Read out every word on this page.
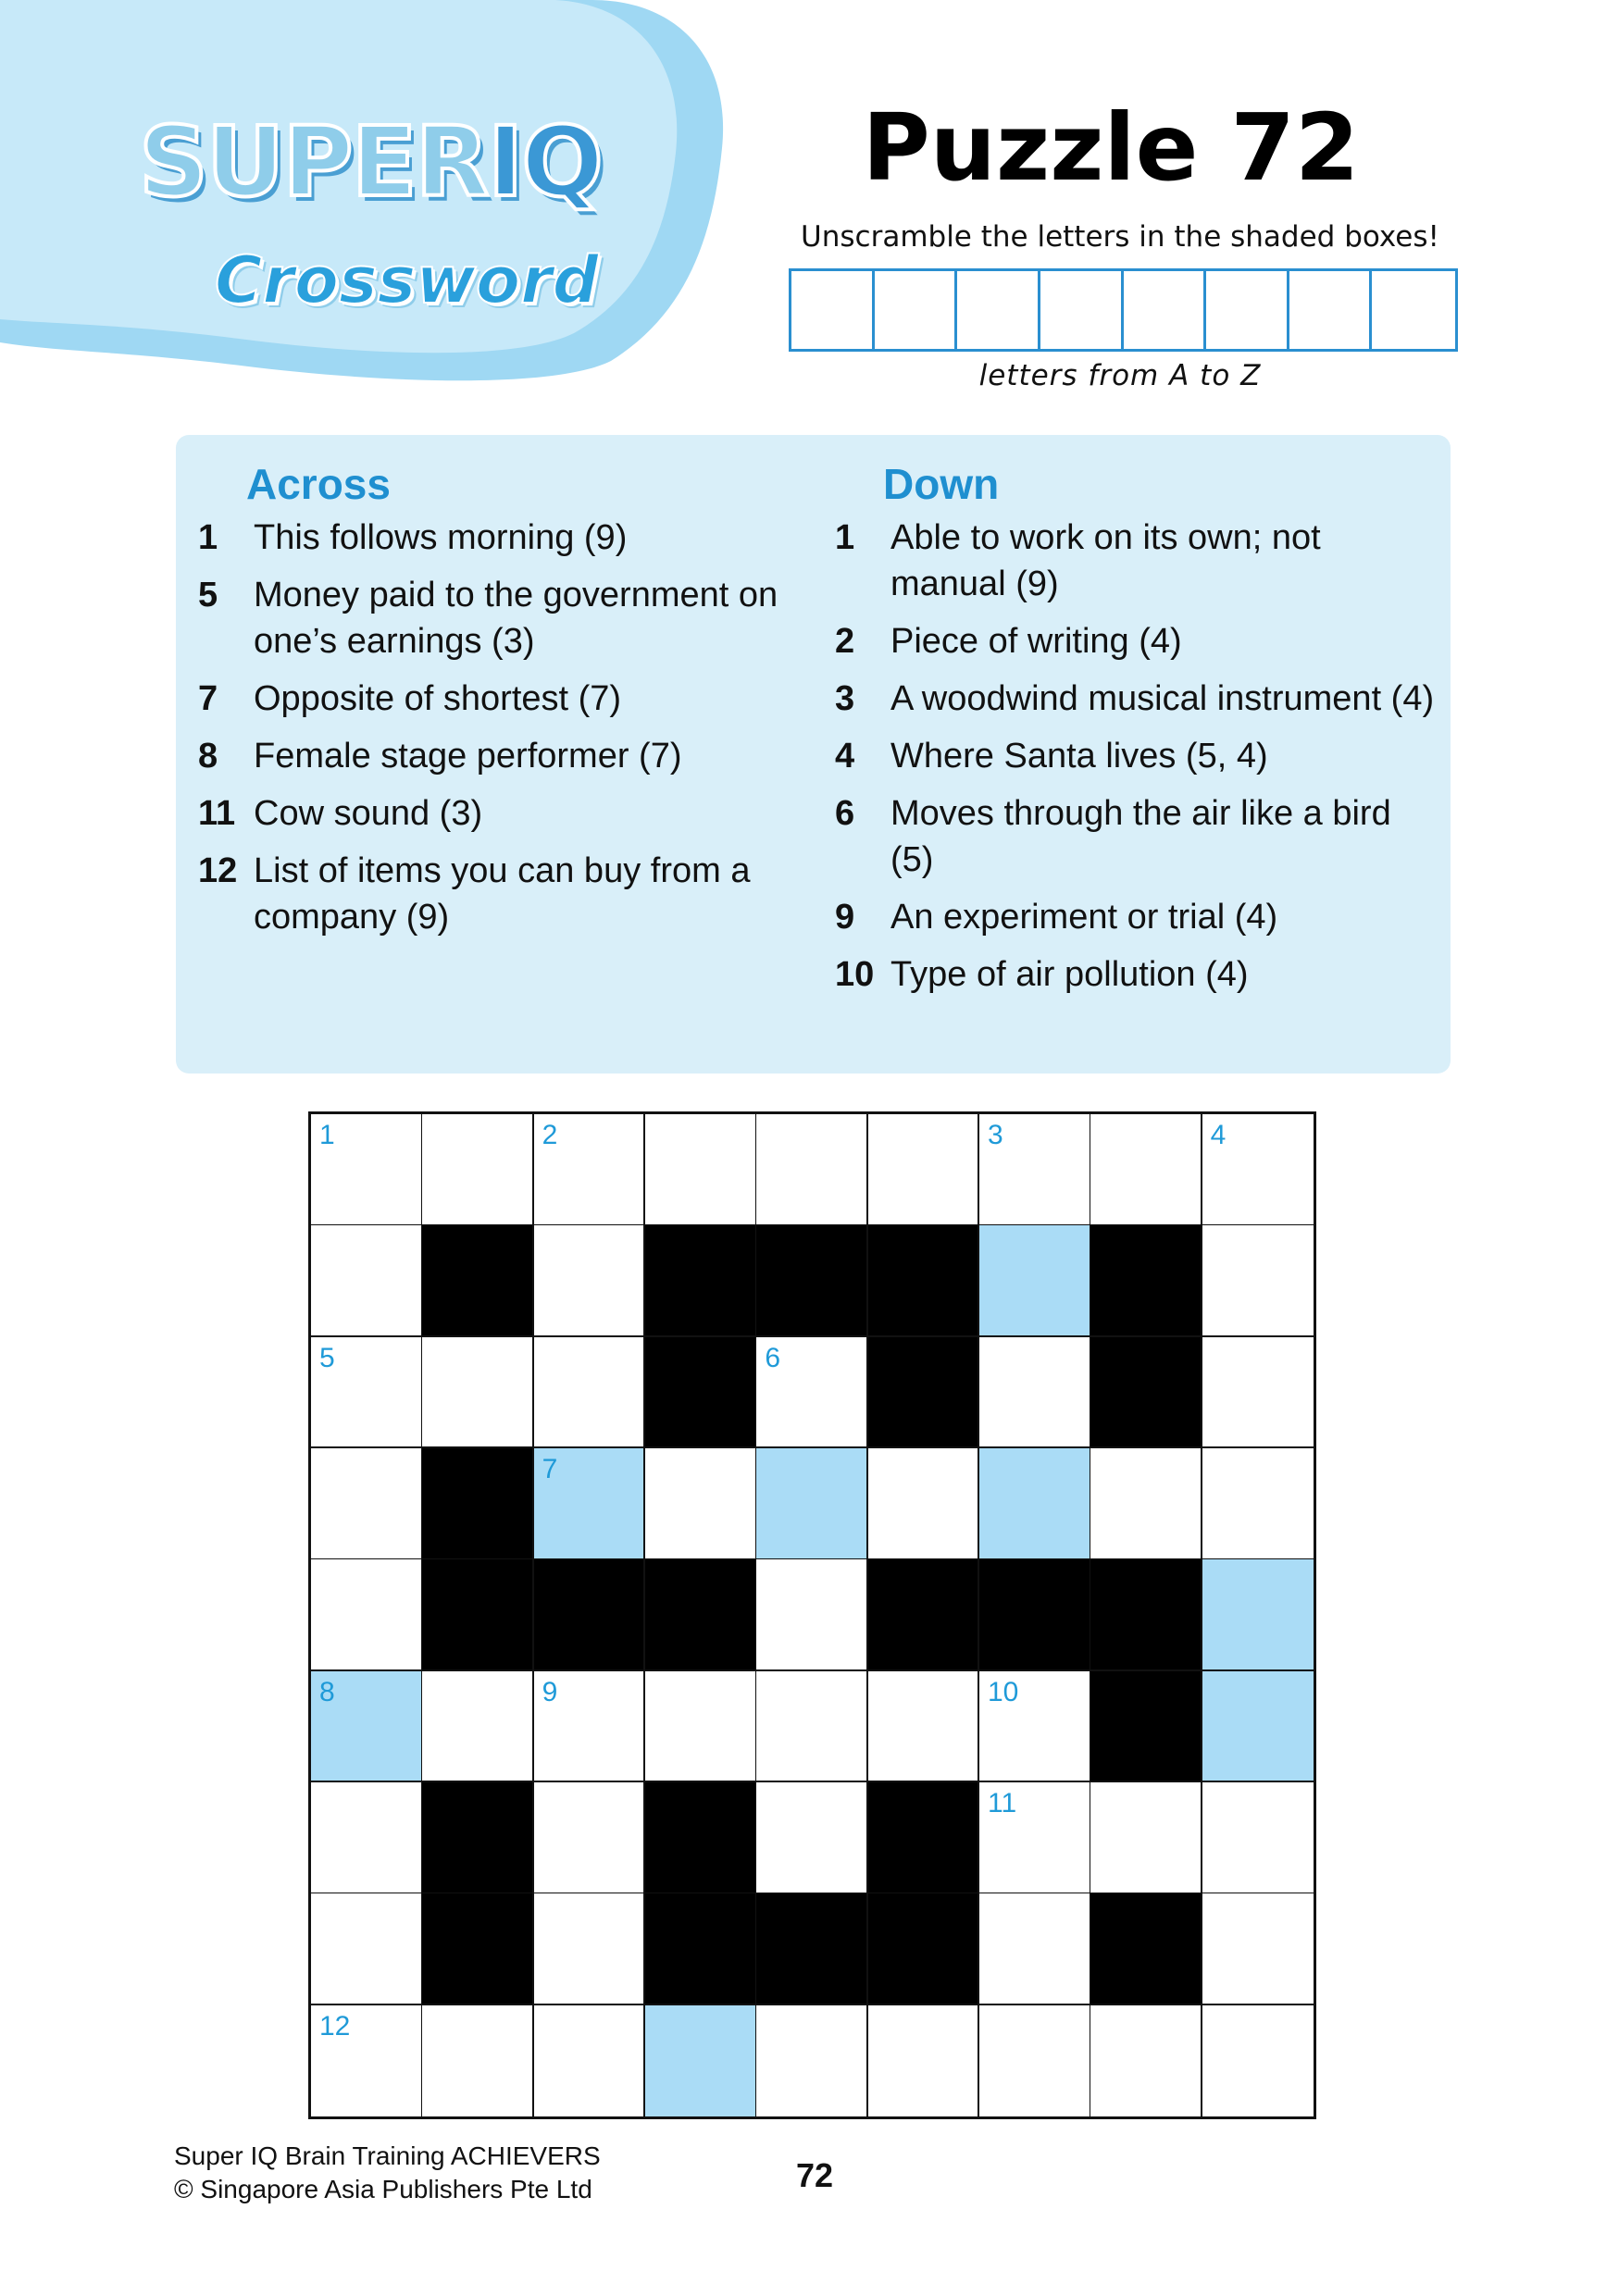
SUPERIQ
Crossword
Puzzle 72
Unscramble the letters in the shaded boxes!
letters from A to Z
Across
1	This follows morning (9)
5	Money paid to the government on one’s earnings (3)
7	Opposite of shortest (7)
8	Female stage performer (7)
11 Cow sound (3)
12 List of items you can buy from a company (9)
Down
1	Able to work on its own; not manual (9)
2	Piece of writing (4)
3	A woodwind musical instrument (4)
4	Where Santa lives (5, 4)
6	Moves through the air like a bird (5)
9	An experiment or trial (4)
10 Type of air pollution (4)
1	2	3	4
5	6
7
8	9	10
11
12
Super IQ Brain Training ACHIEVERS
© Singapore Asia Publishers Pte Ltd	72
